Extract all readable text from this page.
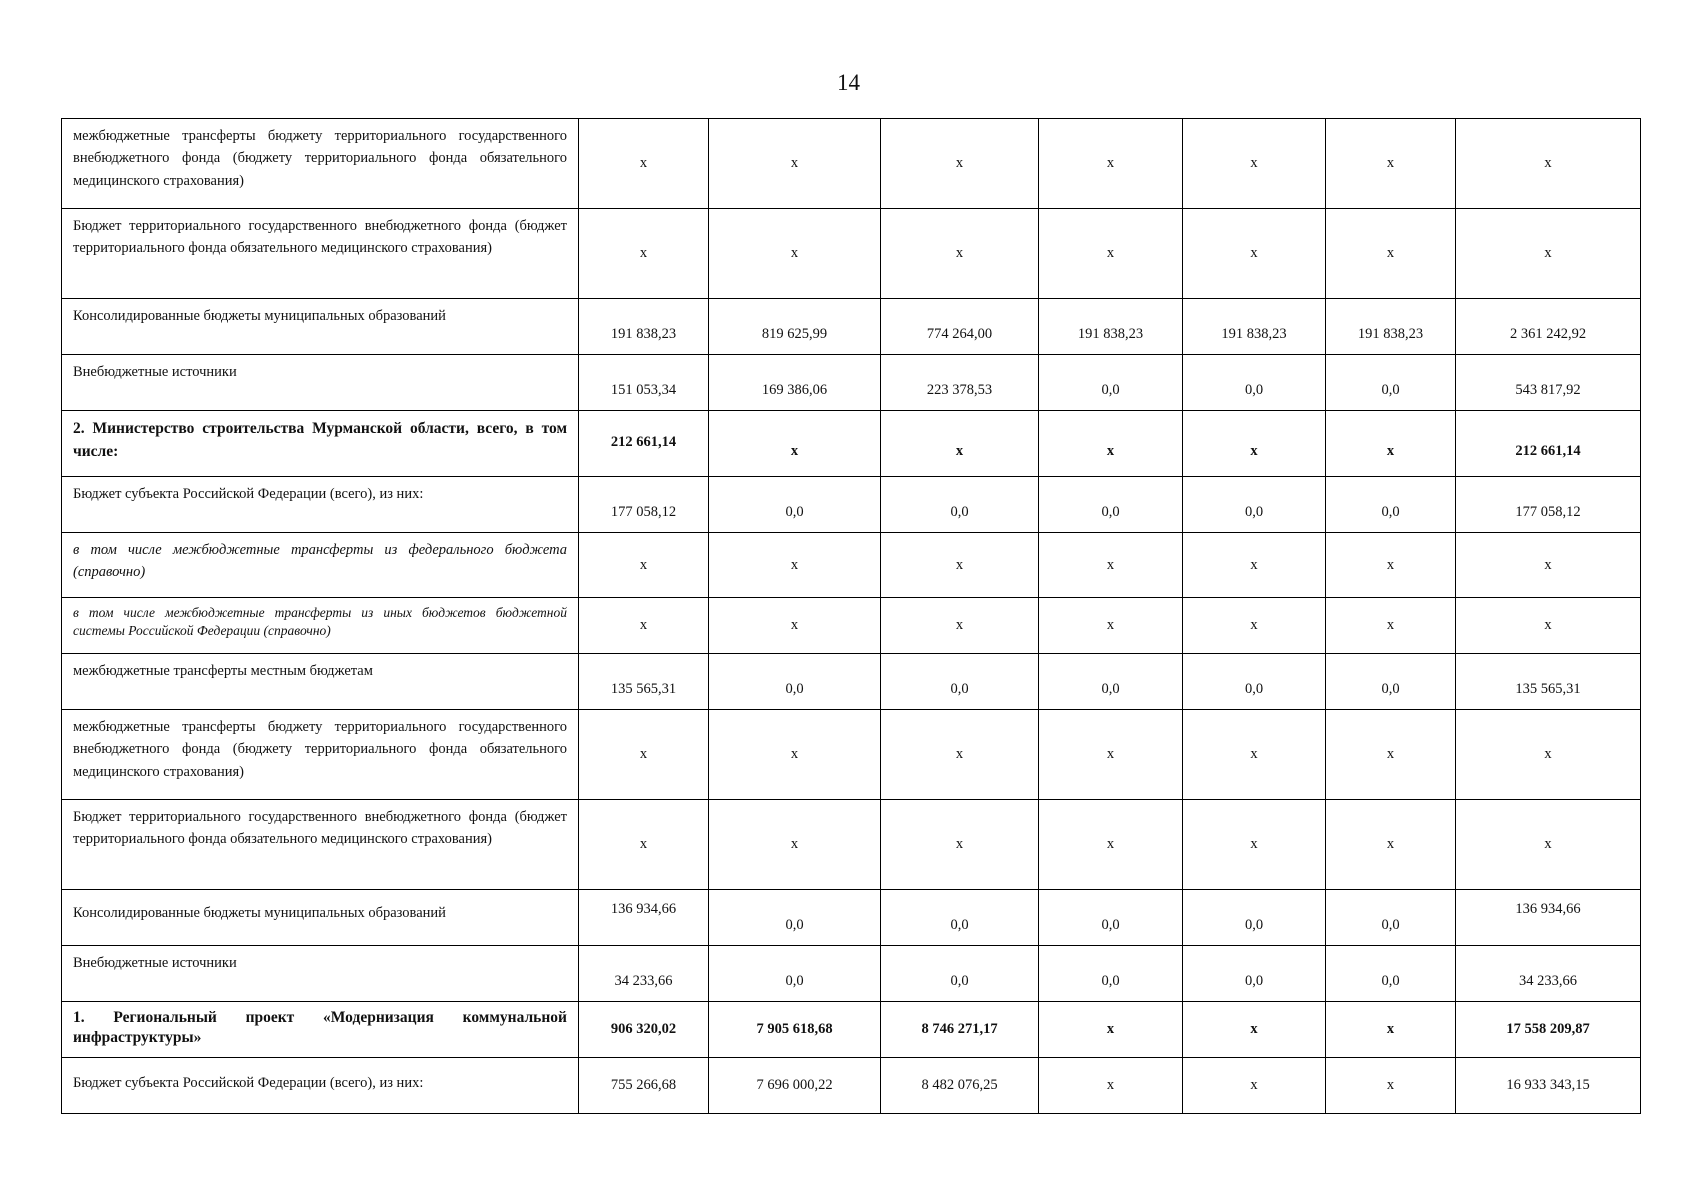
14
межбюджетные трансферты бюджету территориального государственного внебюджетного фонда (бюджету территориального фонда обязательного медицинского страхования)	х	х	х	х	х	х	х
Бюджет территориального государственного внебюджетного фонда (бюджет территориального фонда обязательного медицинского страхования)	х	х	х	х	х	х	х
Консолидированные бюджеты муниципальных образований	191 838,23	819 625,99	774 264,00	191 838,23	191 838,23	191 838,23	2 361 242,92
Внебюджетные источники	151 053,34	169 386,06	223 378,53	0,0	0,0	0,0	543 817,92
2. Министерство строительства Мурманской области, всего, в том числе:	212 661,14	х	х	х	х	х	212 661,14
Бюджет субъекта Российской Федерации (всего), из них:	177 058,12	0,0	0,0	0,0	0,0	0,0	177 058,12
в том числе межбюджетные трансферты из федерального бюджета (справочно)	х	х	х	х	х	х	х
в том числе межбюджетные трансферты из иных бюджетов бюджетной системы Российской Федерации (справочно)	х	х	х	х	х	х	х
межбюджетные трансферты местным бюджетам	135 565,31	0,0	0,0	0,0	0,0	0,0	135 565,31
межбюджетные трансферты бюджету территориального государственного внебюджетного фонда (бюджету территориального фонда обязательного медицинского страхования)	х	х	х	х	х	х	х
Бюджет территориального государственного внебюджетного фонда (бюджет территориального фонда обязательного медицинского страхования)	х	х	х	х	х	х	х
Консолидированные бюджеты муниципальных образований	136 934,66	0,0	0,0	0,0	0,0	0,0	136 934,66
Внебюджетные источники	34 233,66	0,0	0,0	0,0	0,0	0,0	34 233,66
1. Региональный проект «Модернизация коммунальной инфраструктуры»	906 320,02	7 905 618,68	8 746 271,17	х	х	х	17 558 209,87
Бюджет субъекта Российской Федерации (всего), из них:	755 266,68	7 696 000,22	8 482 076,25	х	х	х	16 933 343,15
